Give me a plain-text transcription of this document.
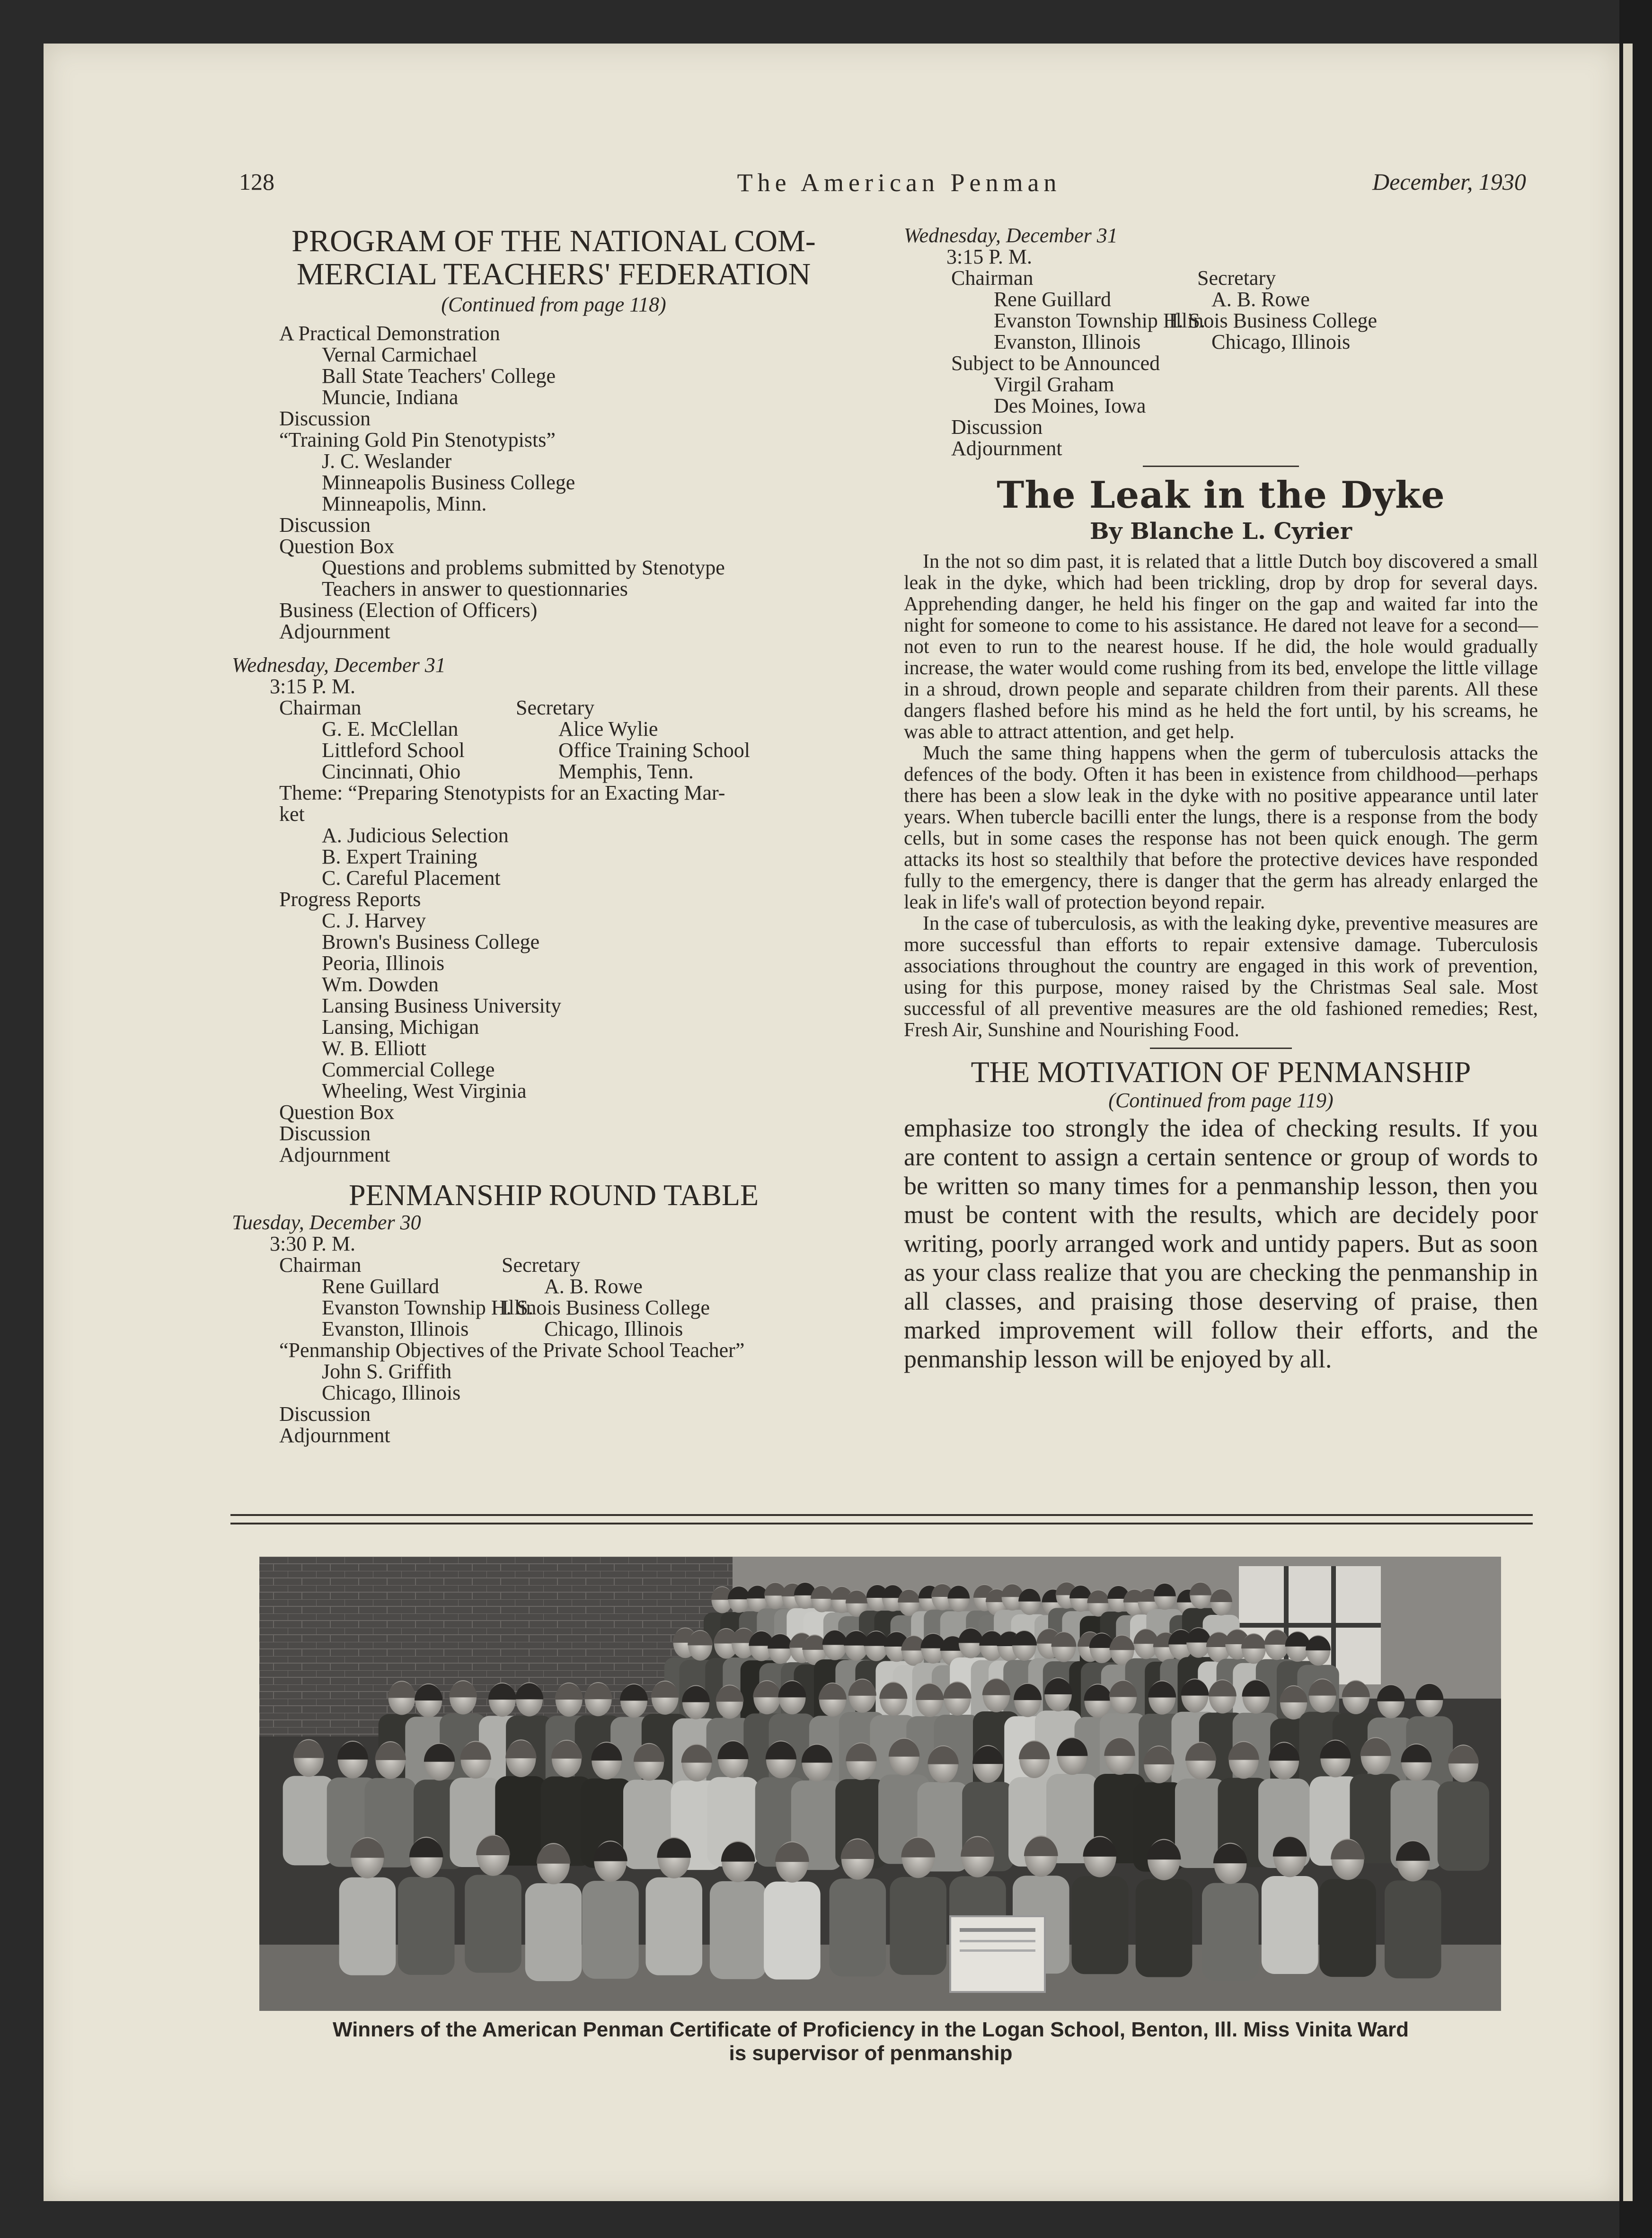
128	The American Penman	December, 1930
PROGRAM OF THE NATIONAL COM-
MERCIAL TEACHERS' FEDERATION
(Continued from page 118)
A Practical Demonstration
Vernal Carmichael
Ball State Teachers' College
Muncie, Indiana
Discussion
“Training Gold Pin Stenotypists”
J. C. Weslander
Minneapolis Business College
Minneapolis, Minn.
Discussion
Question Box
Questions and problems submitted by Stenotype
Teachers in answer to questionnaries
Business (Election of Officers)
Adjournment
Wednesday, December 31
3:15 P. M.
Chairman
G. E. McClellan
Littleford School
Cincinnati, Ohio
Secretary
Alice Wylie
Office Training School
Memphis, Tenn.
Theme: “Preparing Stenotypists for an Exacting Mar-
ket
A. Judicious Selection
B. Expert Training
C. Careful Placement
Progress Reports
C. J. Harvey
Brown's Business College
Peoria, Illinois
Wm. Dowden
Lansing Business University
Lansing, Michigan
W. B. Elliott
Commercial College
Wheeling, West Virginia
Question Box
Discussion
Adjournment
PENMANSHIP ROUND TABLE
Tuesday, December 30
3:30 P. M.
Chairman
Rene Guillard
Evanston Township H. S.
Evanston, Illinois
Secretary
A. B. Rowe
Illinois Business College
Chicago, Illinois
“Penmanship Objectives of the Private School Teacher”
John S. Griffith
Chicago, Illinois
Discussion
Adjournment
Wednesday, December 31
3:15 P. M.
Chairman
Rene Guillard
Evanston Township H. S.
Evanston, Illinois
Secretary
A. B. Rowe
Illinois Business College
Chicago, Illinois
Subject to be Announced
Virgil Graham
Des Moines, Iowa
Discussion
Adjournment
The Leak in the Dyke
By Blanche L. Cyrier
In the not so dim past, it is related that a little Dutch boy discovered a small leak in the dyke, which had been trickling, drop by drop for several days. Apprehending danger, he held his finger on the gap and waited far into the night for someone to come to his assistance. He dared not leave for a second—not even to run to the nearest house. If he did, the hole would gradually increase, the water would come rushing from its bed, envelope the little village in a shroud, drown people and separate children from their parents. All these dangers flashed before his mind as he held the fort until, by his screams, he was able to attract attention, and get help.
Much the same thing happens when the germ of tuberculosis attacks the defences of the body. Often it has been in existence from childhood—perhaps there has been a slow leak in the dyke with no positive appearance until later years. When tubercle bacilli enter the lungs, there is a response from the body cells, but in some cases the response has not been quick enough. The germ attacks its host so stealthily that before the protective devices have responded fully to the emergency, there is danger that the germ has already enlarged the leak in life's wall of protection beyond repair.
In the case of tuberculosis, as with the leaking dyke, preventive measures are more successful than efforts to repair extensive damage. Tuberculosis associations throughout the country are engaged in this work of prevention, using for this purpose, money raised by the Christmas Seal sale. Most successful of all preventive measures are the old fashioned remedies; Rest, Fresh Air, Sunshine and Nourishing Food.
THE MOTIVATION OF PENMANSHIP
(Continued from page 119)
emphasize too strongly the idea of checking results. If you are content to assign a certain sentence or group of words to be written so many times for a penmanship lesson, then you must be content with the results, which are decidely poor writing, poorly arranged work and untidy papers. But as soon as your class realize that you are checking the penmanship in all classes, and praising those deserving of praise, then marked improvement will follow their efforts, and the penmanship lesson will be enjoyed by all.
Winners of the American Penman Certificate of Proficiency in the Logan School, Benton, Ill. Miss Vinita Ward
is supervisor of penmanship
